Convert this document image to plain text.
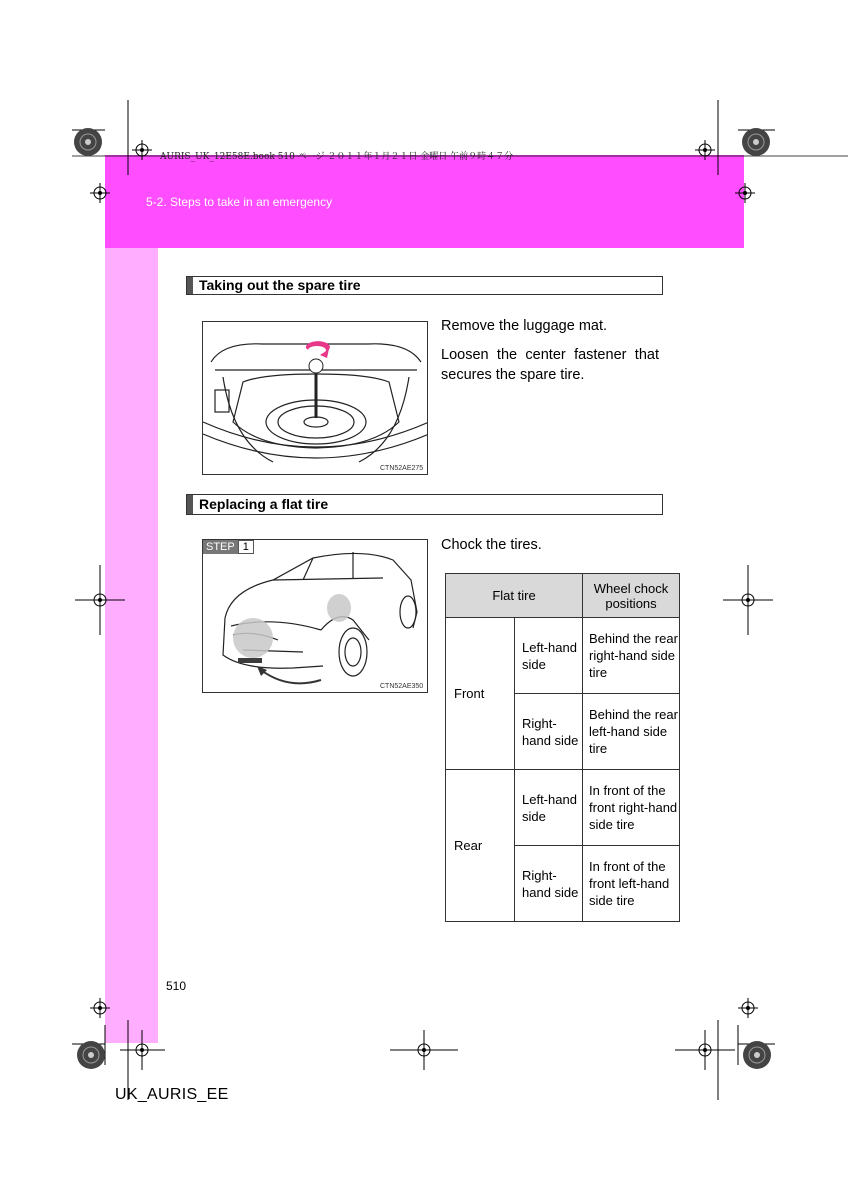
AURIS_UK_12E58E.book 510 ページ ２０１１年１月２１日 金曜日 午前９時４７分
5-2. Steps to take in an emergency
Taking out the spare tire
CTN52AE275
Remove the luggage mat.
Loosen the center fastener that secures the spare tire.
Replacing a flat tire
STEP 1
CTN52AE350
Chock the tires.
Flat tire		Wheel chock positions
Front	Left-hand side	Behind the rear right-hand side tire
	Right-hand side	Behind the rear left-hand side tire
Rear	Left-hand side	In front of the front right-hand side tire
	Right-hand side	In front of the front left-hand side tire
510
UK_AURIS_EE
